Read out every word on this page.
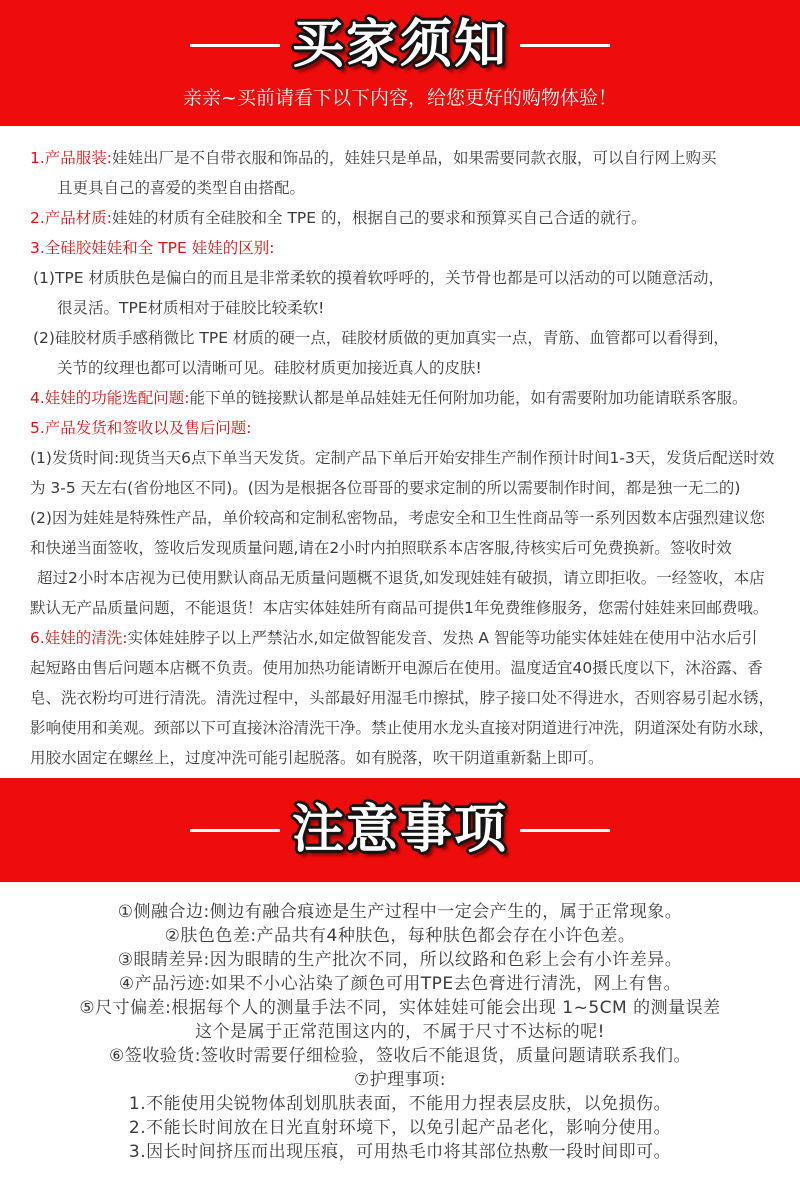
买家须知
亲亲~买前请看下以下内容，给您更好的购物体验！
1.产品服装:娃娃出厂是不自带衣服和饰品的，娃娃只是单品，如果需要同款衣服，可以自行网上购买
且更具自己的喜爱的类型自由搭配。
2.产品材质:娃娃的材质有全硅胶和全 TPE 的，根据自己的要求和预算买自己合适的就行。
3.全硅胶娃娃和全 TPE 娃娃的区别:
(1)TPE 材质肤色是偏白的而且是非常柔软的摸着软呼呼的，关节骨也都是可以活动的可以随意活动，
很灵活。TPE材质相对于硅胶比较柔软!
(2)硅胶材质手感稍微比 TPE 材质的硬一点，硅胶材质做的更加真实一点，青筋、血管都可以看得到，
关节的纹理也都可以清晰可见。硅胶材质更加接近真人的皮肤!
4.娃娃的功能选配问题:能下单的链接默认都是单品娃娃无任何附加功能，如有需要附加功能请联系客服。
5.产品发货和签收以及售后问题:
(1)发货时间:现货当天6点下单当天发货。定制产品下单后开始安排生产制作预计时间1-3天，发货后配送时效
为 3-5 天左右(省份地区不同)。(因为是根据各位哥哥的要求定制的所以需要制作时间，都是独一无二的)
(2)因为娃娃是特殊性产品，单价较高和定制私密物品，考虑安全和卫生性商品等一系列因数本店强烈建议您
和快递当面签收，签收后发现质量问题,请在2小时内拍照联系本店客服,待核实后可免费换新。签收时效
超过2小时本店视为已使用默认商品无质量问题概不退货,如发现娃娃有破损，请立即拒收。一经签收，本店
默认无产品质量问题，不能退货！本店实体娃娃所有商品可提供1年免费维修服务，您需付娃娃来回邮费哦。
6.娃娃的清洗:实体娃娃脖子以上严禁沾水,如定做智能发音、发热 A 智能等功能实体娃娃在使用中沾水后引
起短路由售后问题本店概不负责。使用加热功能请断开电源后在使用。温度适宜40摄氏度以下，沐浴露、香
皂、洗衣粉均可进行清洗。清洗过程中，头部最好用湿毛巾擦拭，脖子接口处不得进水，否则容易引起水锈，
影响使用和美观。颈部以下可直接沐浴清洗干净。禁止使用水龙头直接对阴道进行冲洗，阴道深处有防水球，
用胶水固定在螺丝上，过度冲洗可能引起脱落。如有脱落，吹干阴道重新黏上即可。
注意事项
①侧融合边:侧边有融合痕迹是生产过程中一定会产生的，属于正常现象。
②肤色色差:产品共有4种肤色，每种肤色都会存在小许色差。
③眼睛差异:因为眼睛的生产批次不同，所以纹路和色彩上会有小许差异。
④产品污迹:如果不小心沾染了颜色可用TPE去色膏进行清洗，网上有售。
⑤尺寸偏差:根据每个人的测量手法不同，实体娃娃可能会出现 1~5CM 的测量误差
这个是属于正常范围这内的，不属于尺寸不达标的呢!
⑥签收验货:签收时需要仔细检验，签收后不能退货，质量问题请联系我们。
⑦护理事项:
1.不能使用尖锐物体刮划肌肤表面，不能用力捏表层皮肤，以免损伤。
2.不能长时间放在日光直射环境下，以免引起产品老化，影响分使用。
3.因长时间挤压而出现压痕，可用热毛巾将其部位热敷一段时间即可。
